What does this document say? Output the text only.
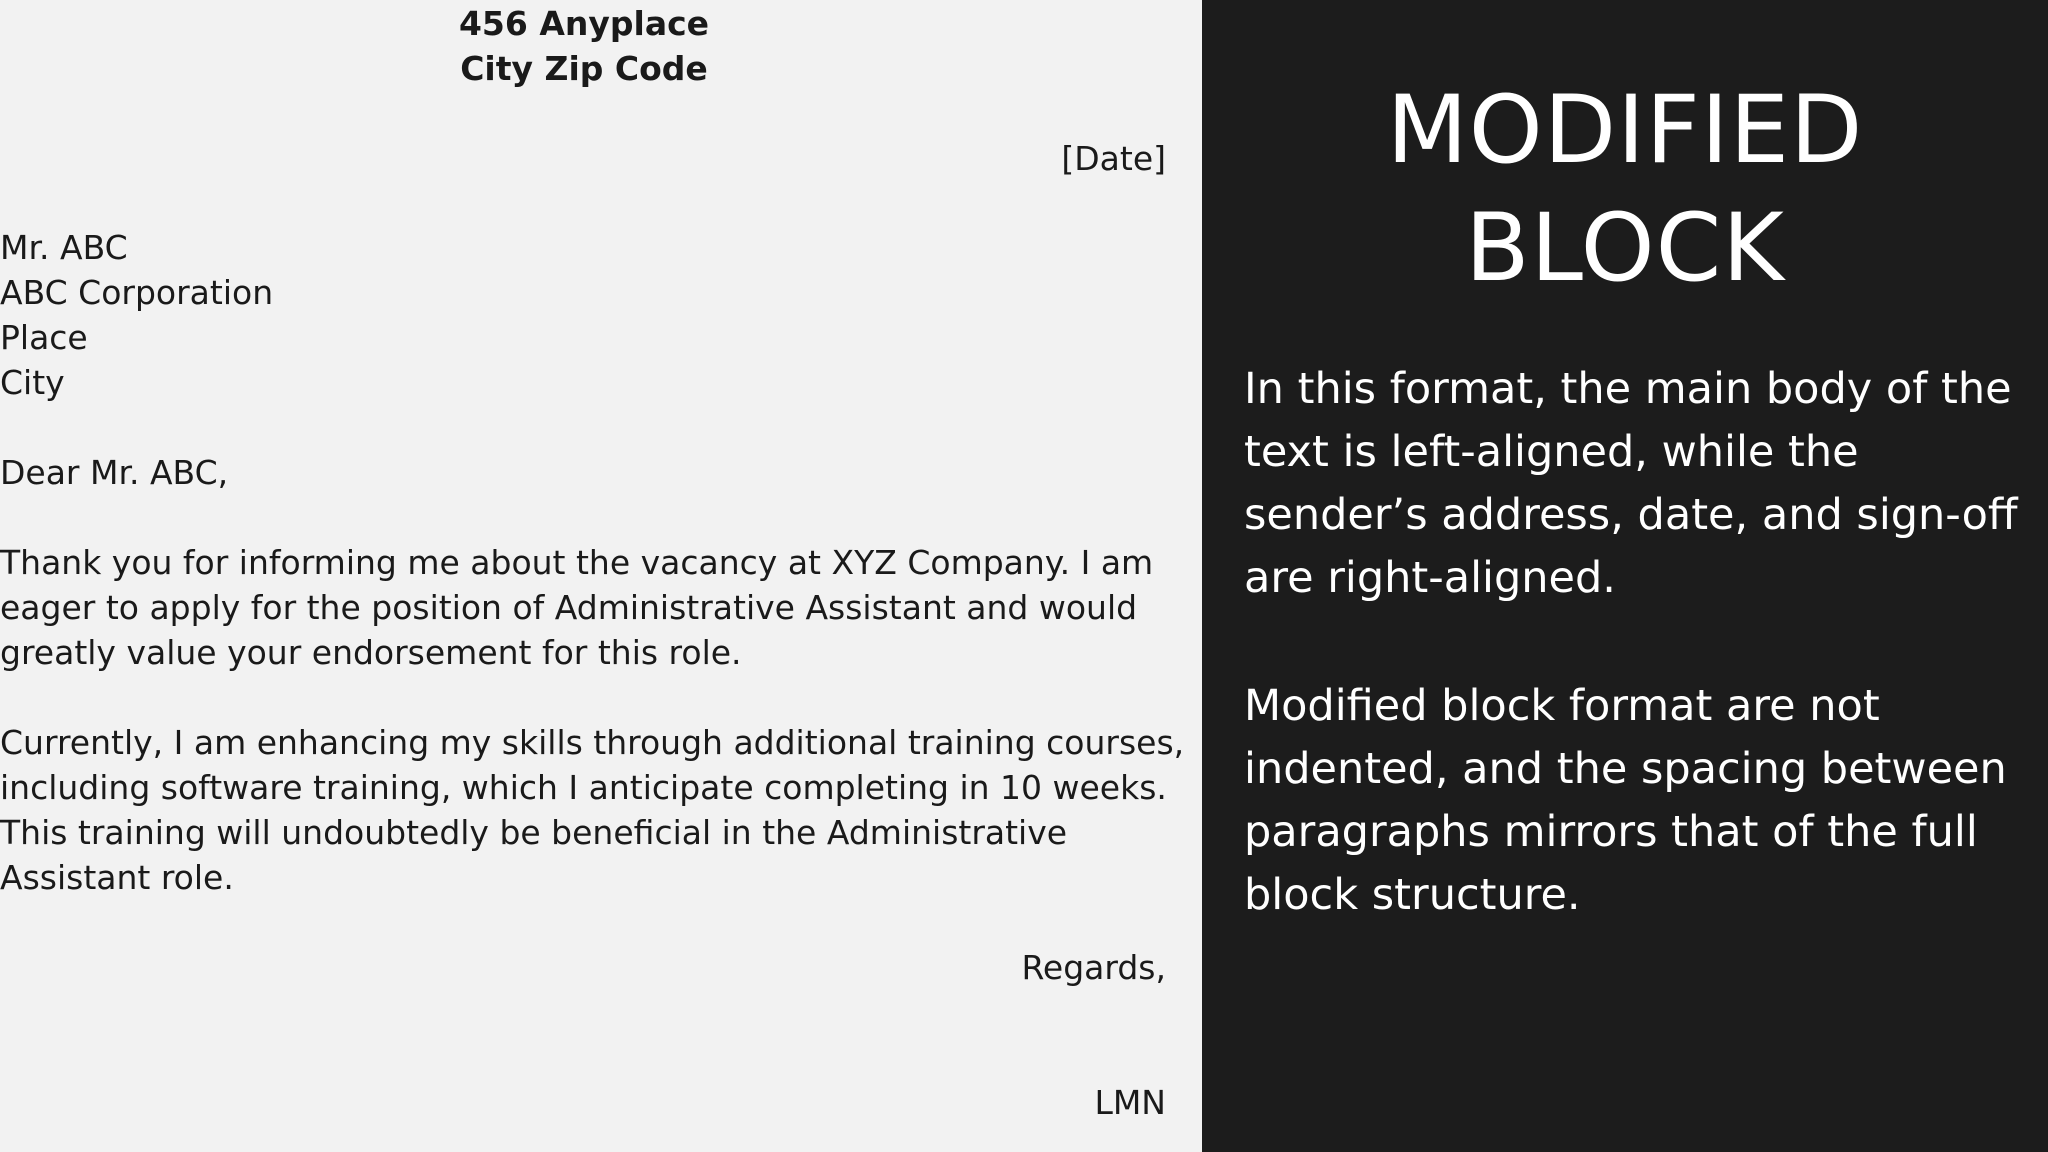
456 Anyplace

City Zip Code

[Date]

Mr. ABC
ABC Corporation
Place
City

Dear Mr. ABC,

Thank you for informing me about the vacancy at XYZ Company. I am
eager to apply for the position of Administrative Assistant and would
greatly value your endorsement for this role.
Currently, I am enhancing my skills through additional training courses,
including software training, which I anticipate completing in 10 weeks.
This training will undoubtedly be beneficial in the Administrative
Assistant role.

Regards,

LMN

MODIFIED
BLOCK

In this format, the main body of the
text is left-aligned, while the
sender’s address, date, and sign-off
are right-aligned.

Modified block format are not
indented, and the spacing between
paragraphs mirrors that of the full
block structure.
